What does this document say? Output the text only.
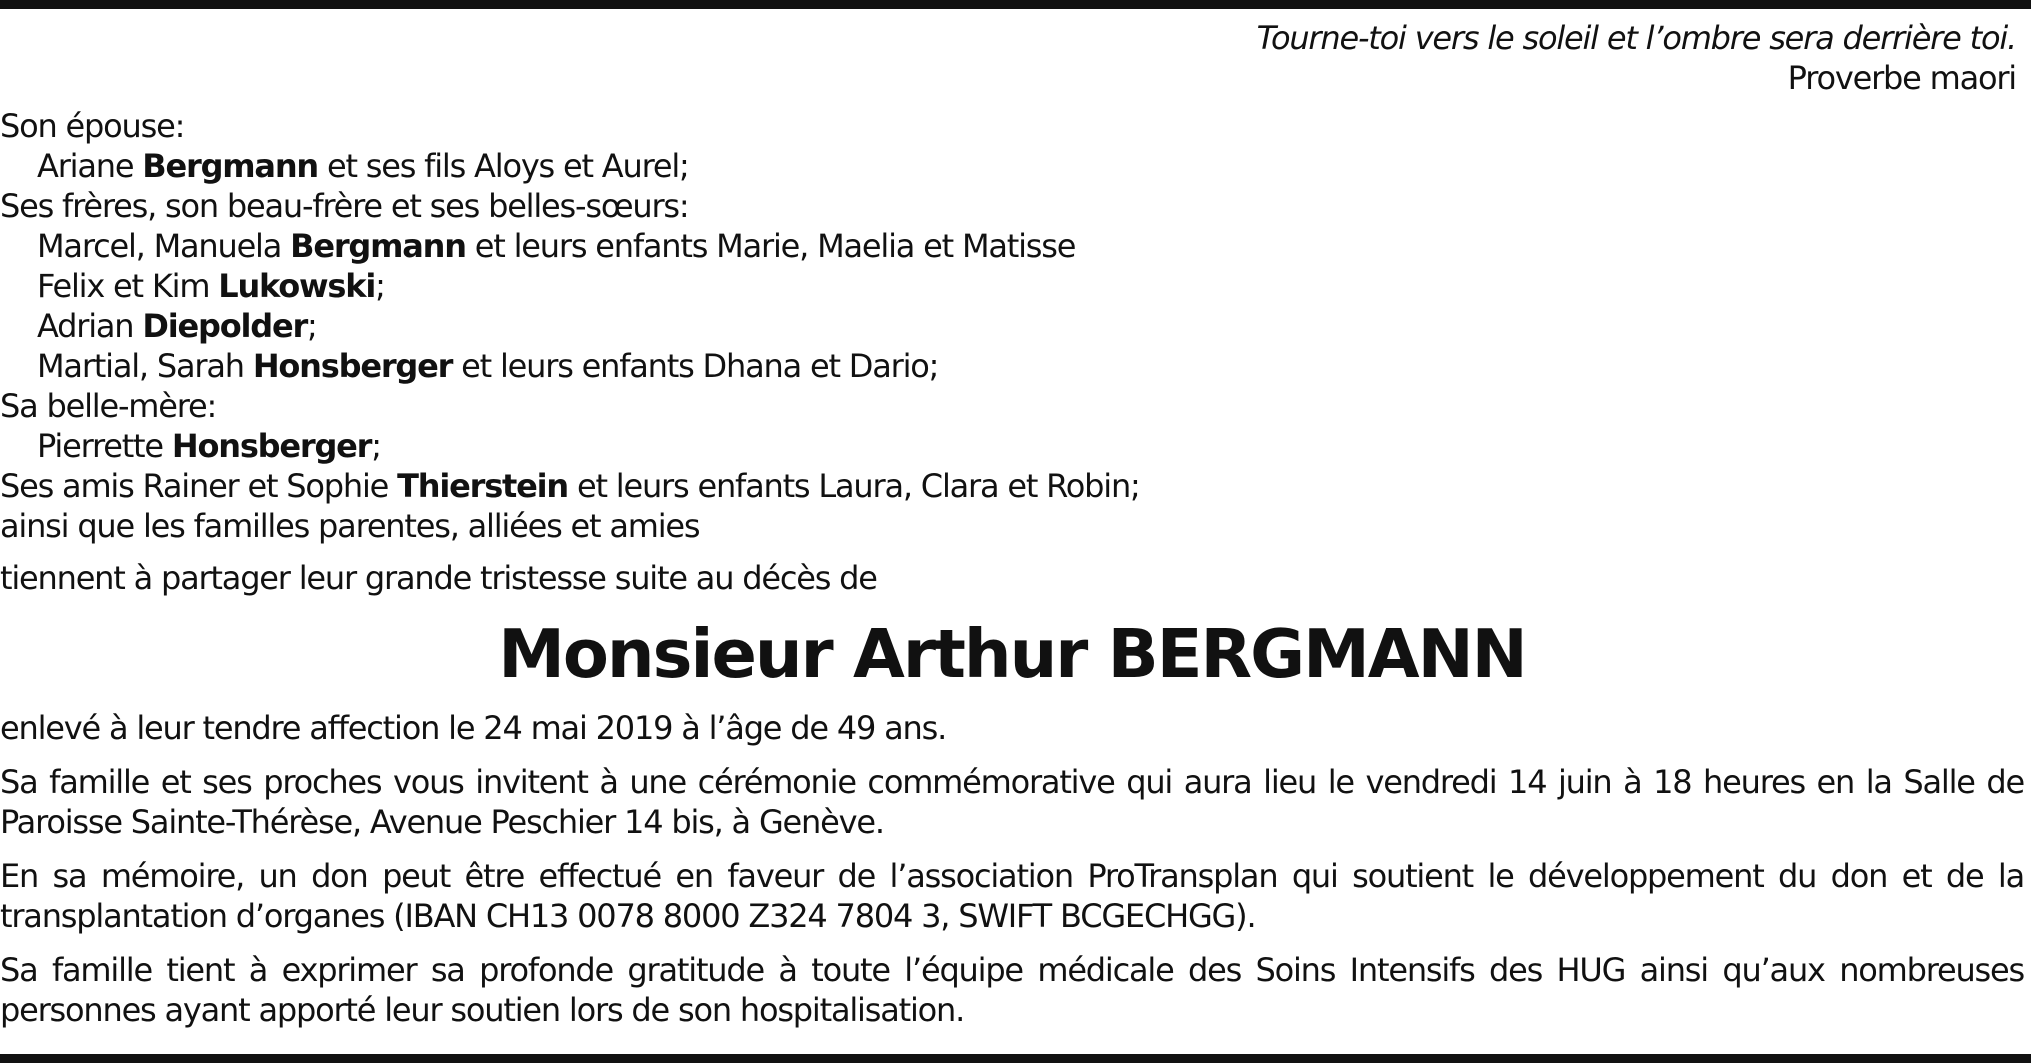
Tourne-toi vers le soleil et l’ombre sera derrière toi.
Proverbe maori
Son épouse:
Ariane Bergmann et ses fils Aloys et Aurel;
Ses frères, son beau-frère et ses belles-sœurs:
Marcel, Manuela Bergmann et leurs enfants Marie, Maelia et Matisse
Felix et Kim Lukowski;
Adrian Diepolder;
Martial, Sarah Honsberger et leurs enfants Dhana et Dario;
Sa belle-mère:
Pierrette Honsberger;
Ses amis Rainer et Sophie Thierstein et leurs enfants Laura, Clara et Robin;
ainsi que les familles parentes, alliées et amies
tiennent à partager leur grande tristesse suite au décès de
Monsieur Arthur BERGMANN
enlevé à leur tendre affection le 24 mai 2019 à l’âge de 49 ans.
Sa famille et ses proches vous invitent à une cérémonie commémorative qui aura lieu le vendredi 14 juin à 18 heures en la Salle de Paroisse Sainte-Thérèse, Avenue Peschier 14 bis, à Genève.
En sa mémoire, un don peut être effectué en faveur de l’association ProTransplan qui soutient le développement du don et de la transplantation d’organes (IBAN CH13 0078 8000 Z324 7804 3, SWIFT BCGECHGG).
Sa famille tient à exprimer sa profonde gratitude à toute l’équipe médicale des Soins Intensifs des HUG ainsi qu’aux nombreuses personnes ayant apporté leur soutien lors de son hospitalisation.
